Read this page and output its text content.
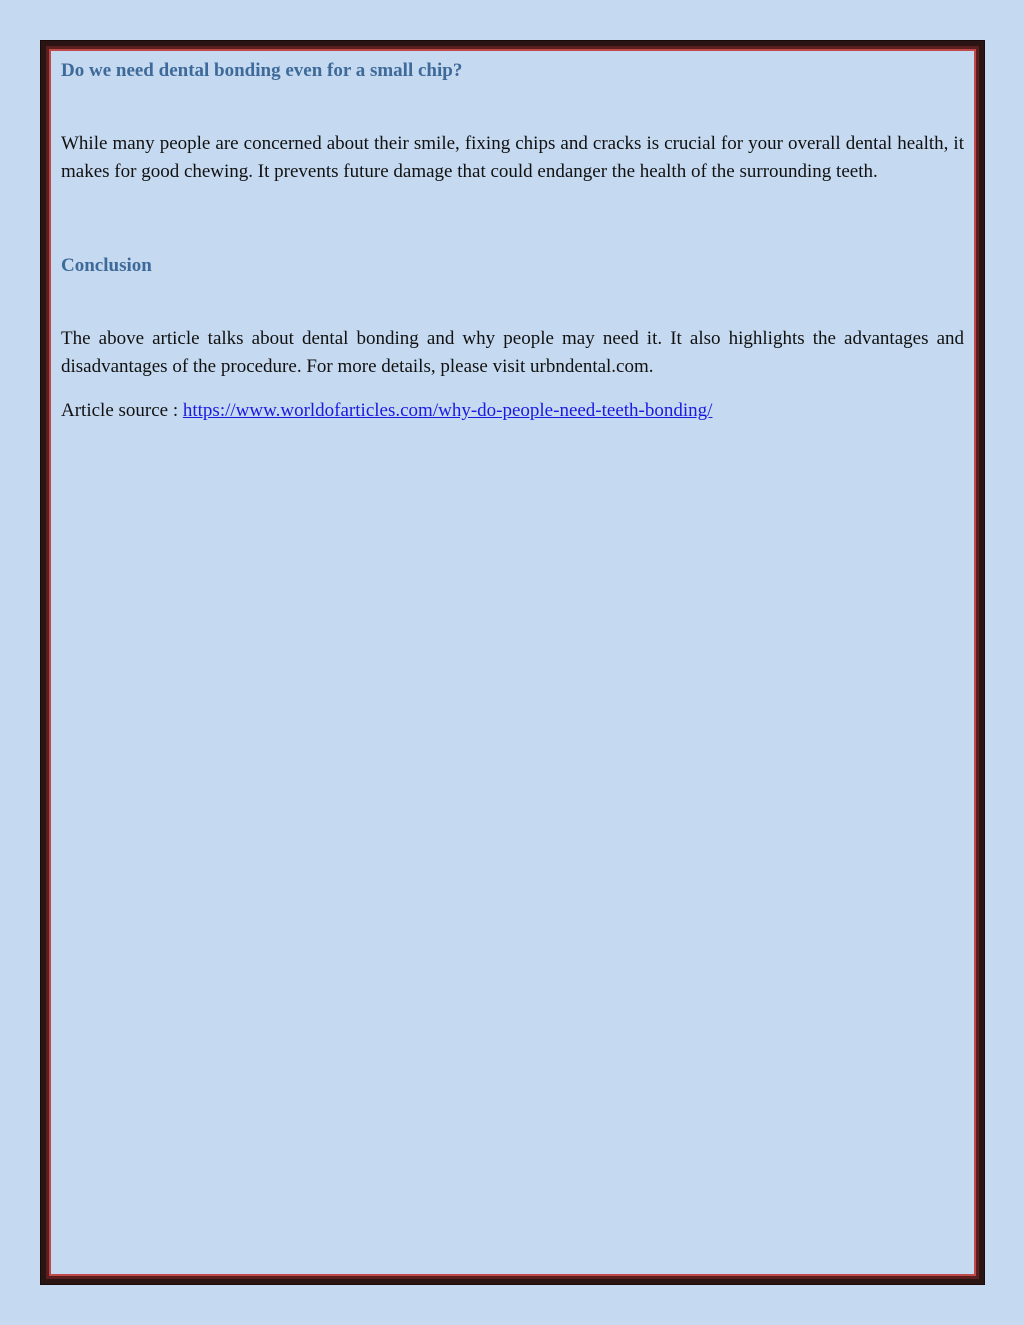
Do we need dental bonding even for a small chip?

While many people are concerned about their smile, fixing chips and cracks is crucial for your overall dental health, it makes for good chewing. It prevents future damage that could endanger the health of the surrounding teeth.

Conclusion

The above article talks about dental bonding and why people may need it. It also highlights the advantages and disadvantages of the procedure. For more details, please visit urbndental.com.

Article source : https://www.worldofarticles.com/why-do-people-need-teeth-bonding/
